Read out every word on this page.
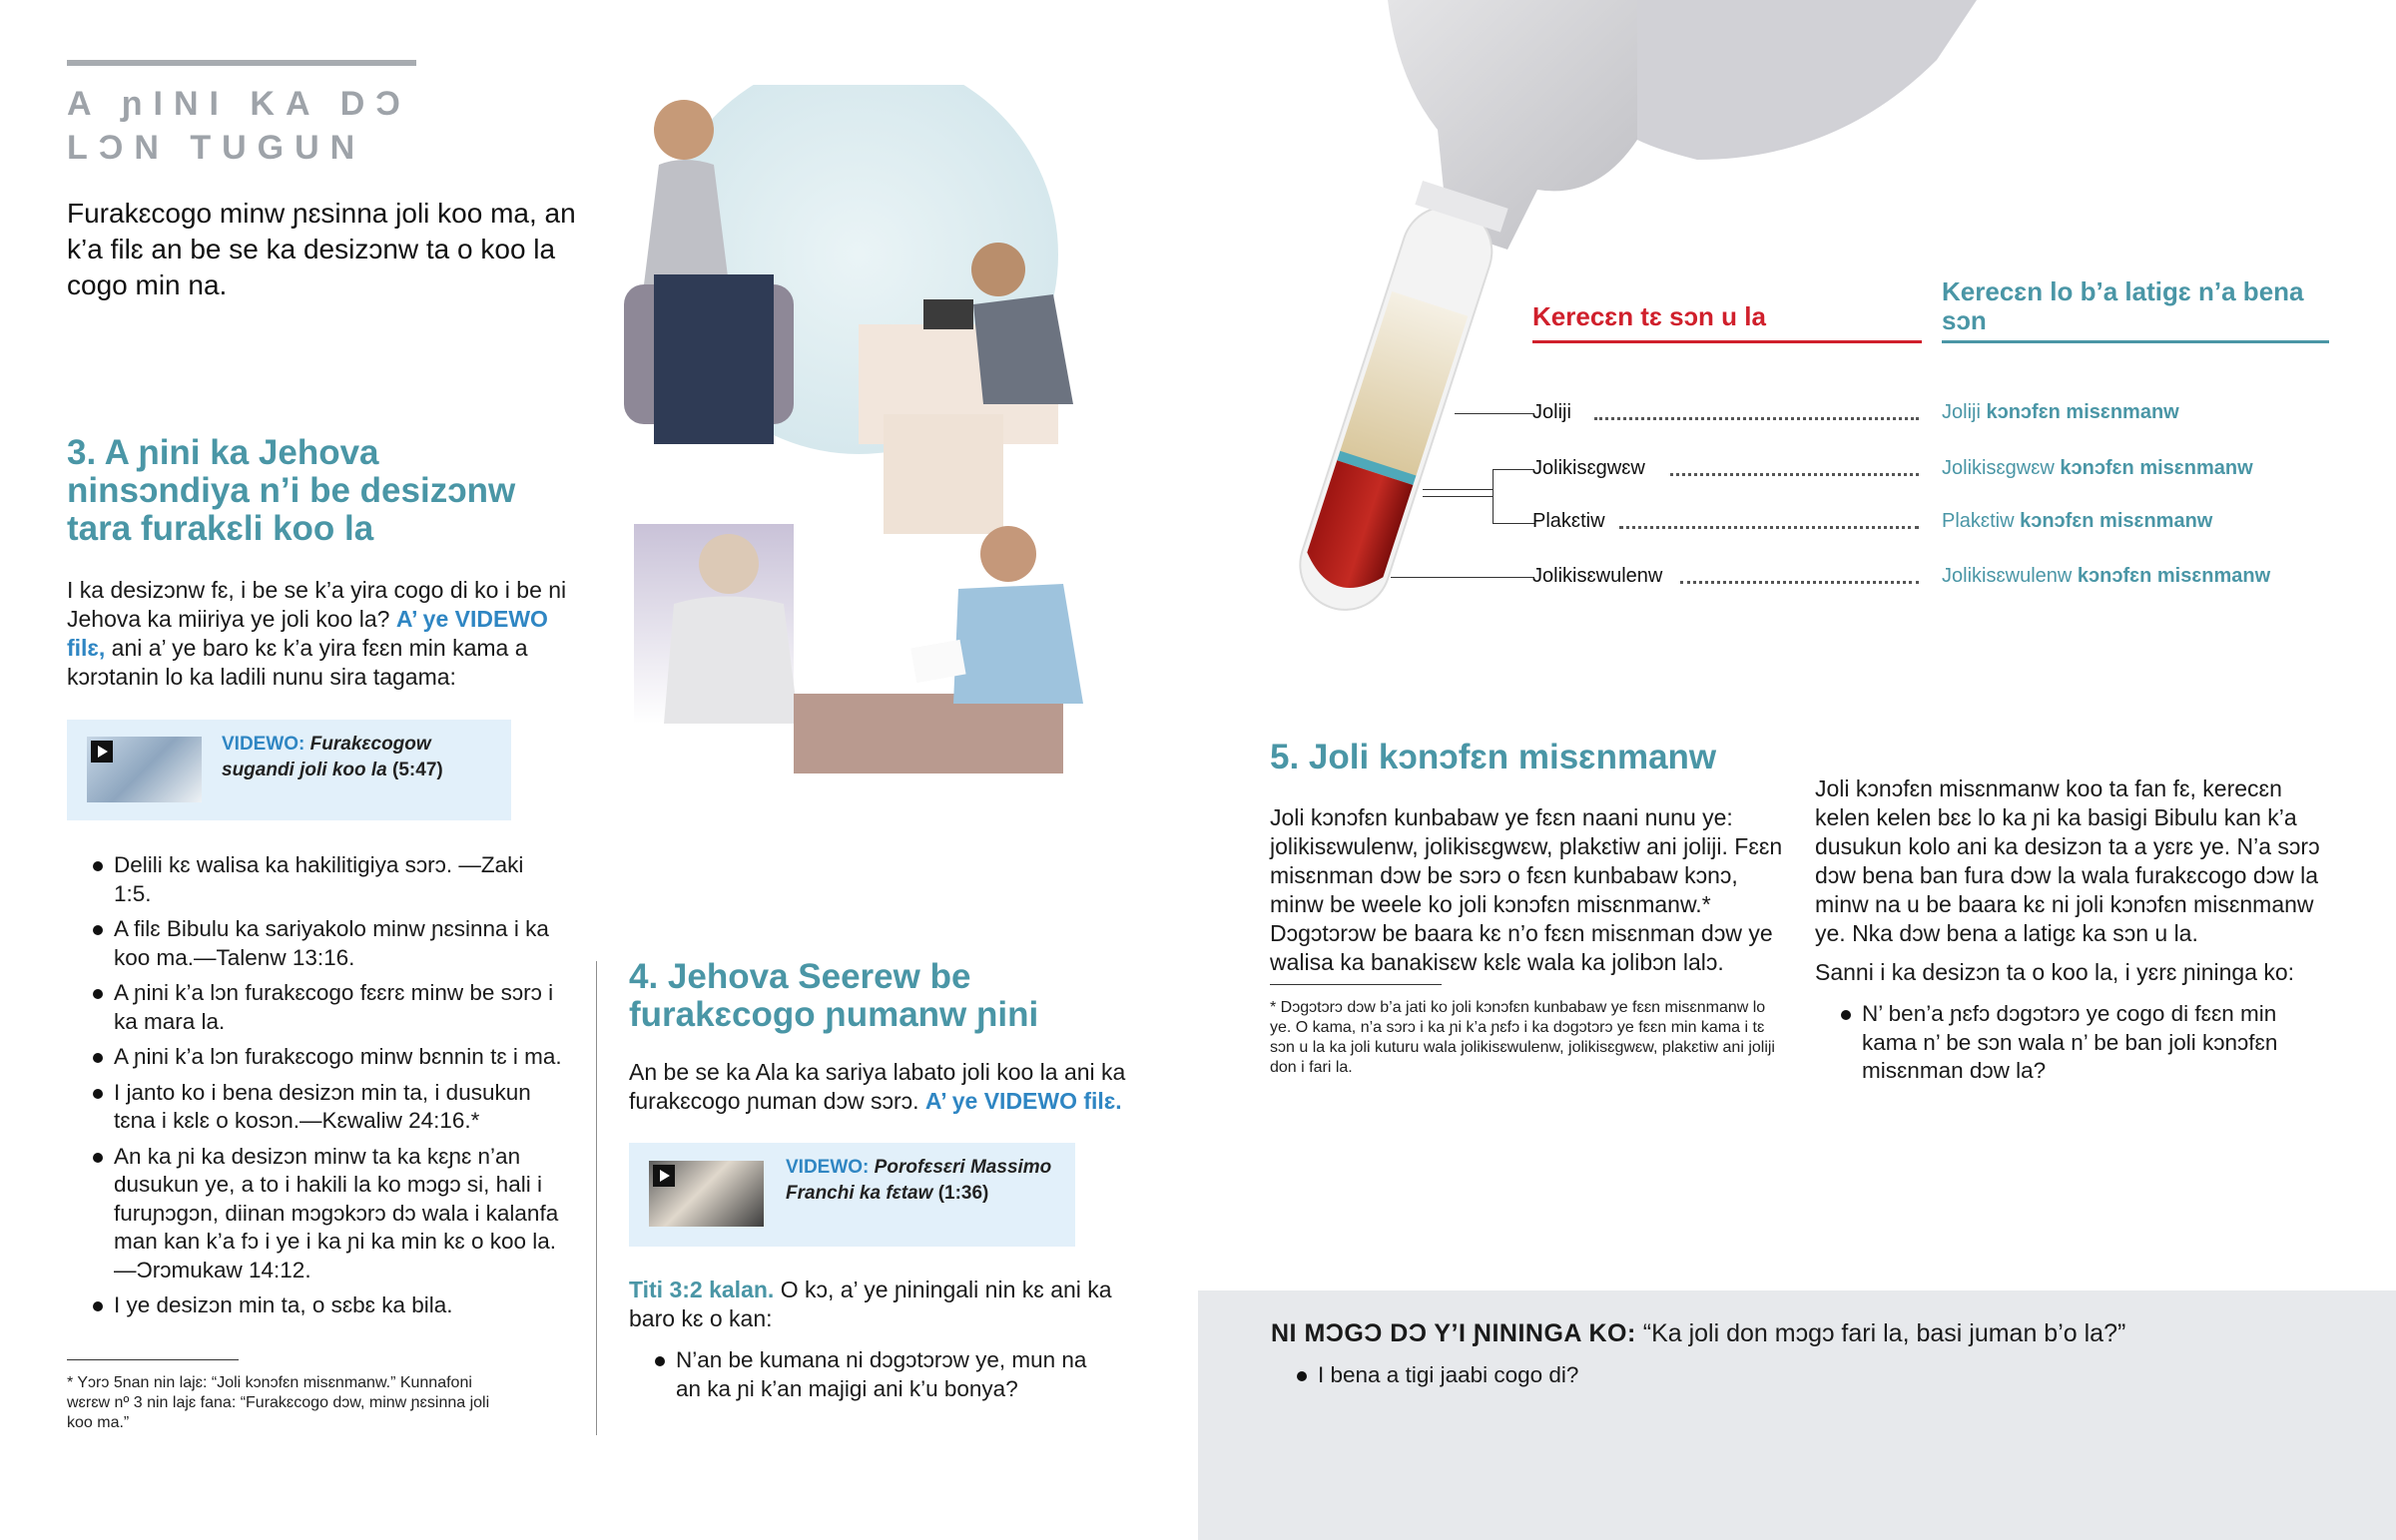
A ɲINI KA DƆ
LƆN TUGUN
Furakɛcogo minw ɲɛsinna joli koo ma, an k’a filɛ an be se ka desizɔnw ta o koo la cogo min na.
3. A ɲini ka Jehova ninsɔndiya n’i be desizɔnw tara furakɛli koo la
I ka desizɔnw fɛ, i be se k’a yira cogo di ko i be ni Jehova ka miiriya ye joli koo la? A’ ye VIDEWO filɛ, ani a’ ye baro kɛ k’a yira fɛɛn min kama a kɔrɔtanin lo ka ladili nunu sira tagama:
VIDEWO: Furakɛcogow sugandi joli koo la (5:47)
Delili kɛ walisa ka hakilitigiya sɔrɔ. —Zaki 1:5.
A filɛ Bibulu ka sariyakolo minw ɲɛsinna i ka koo ma.—Talenw 13:16.
A ɲini k’a lɔn furakɛcogo fɛɛrɛ minw be sɔrɔ i ka mara la.
A ɲini k’a lɔn furakɛcogo minw bɛnnin tɛ i ma.
I janto ko i bena desizɔn min ta, i dusukun tɛna i kɛlɛ o kosɔn.—Kɛwaliw 24:16.*
An ka ɲi ka desizɔn minw ta ka kɛɲɛ n’an dusukun ye, a to i hakili la ko mɔgɔ si, hali i furuɲɔgɔn, diinan mɔgɔkɔrɔ dɔ wala i kalanfa man kan k’a fɔ i ye i ka ɲi ka min kɛ o koo la.—Ɔrɔmukaw 14:12.
I ye desizɔn min ta, o sɛbɛ ka bila.
* Yɔrɔ 5nan nin lajɛ: “Joli kɔnɔfɛn misɛnmanw.” Kunnafoni wɛrɛw nº 3 nin lajɛ fana: “Furakɛcogo dɔw, minw ɲɛsinna joli koo ma.”
4. Jehova Seerew be furakɛcogo ɲumanw ɲini
An be se ka Ala ka sariya labato joli koo la ani ka furakɛcogo ɲuman dɔw sɔrɔ. A’ ye VIDEWO filɛ.
VIDEWO: Porofɛsɛri Massimo Franchi ka fɛtaw (1:36)
Titi 3:2 kalan. O kɔ, a’ ye ɲiningali nin kɛ ani ka baro kɛ o kan:
N’an be kumana ni dɔgɔtɔrɔw ye, mun na an ka ɲi k’an majigi ani k’u bonya?
Kerecɛn tɛ sɔn u la
Kerecɛn lo b’a latigɛ n’a bena sɔn
Joliji	Joliji kɔnɔfɛn misɛnmanw
Jolikisɛgwɛw	Jolikisɛgwɛw kɔnɔfɛn misɛnmanw
Plakɛtiw	Plakɛtiw kɔnɔfɛn misɛnmanw
Jolikisɛwulenw	Jolikisɛwulenw kɔnɔfɛn misɛnmanw
5. Joli kɔnɔfɛn misɛnmanw
Joli kɔnɔfɛn kunbabaw ye fɛɛn naani nunu ye: jolikisɛwulenw, jolikisɛgwɛw, plakɛtiw ani joliji. Fɛɛn misɛnman dɔw be sɔrɔ o fɛɛn kunbabaw kɔnɔ, minw be weele ko joli kɔnɔfɛn misɛnmanw.* Dɔgɔtɔrɔw be baara kɛ n’o fɛɛn misɛnman dɔw ye walisa ka banakisɛw kɛlɛ wala ka jolibɔn lalɔ.
* Dɔgɔtɔrɔ dɔw b’a jati ko joli kɔnɔfɛn kunbabaw ye fɛɛn misɛnmanw lo ye. O kama, n’a sɔrɔ i ka ɲi k’a ɲɛfɔ i ka dɔgɔtɔrɔ ye fɛɛn min kama i tɛ sɔn u la ka joli kuturu wala jolikisɛwulenw, jolikisɛgwɛw, plakɛtiw ani joliji don i fari la.
Joli kɔnɔfɛn misɛnmanw koo ta fan fɛ, kerecɛn kelen kelen bɛɛ lo ka ɲi ka basigi Bibulu kan k’a dusukun kolo ani ka desizɔn ta a yɛrɛ ye. N’a sɔrɔ dɔw bena ban fura dɔw la wala furakɛcogo dɔw la minw na u be baara kɛ ni joli kɔnɔfɛn misɛnmanw ye. Nka dɔw bena a latigɛ ka sɔn u la.
Sanni i ka desizɔn ta o koo la, i yɛrɛ ɲininga ko:
N’ ben’a ɲɛfɔ dɔgɔtɔrɔ ye cogo di fɛɛn min kama n’ be sɔn wala n’ be ban joli kɔnɔfɛn misɛnman dɔw la?
NI MƆGƆ DƆ Y’I ƝININGA KO: “Ka joli don mɔgɔ fari la, basi juman b’o la?”
I bena a tigi jaabi cogo di?
